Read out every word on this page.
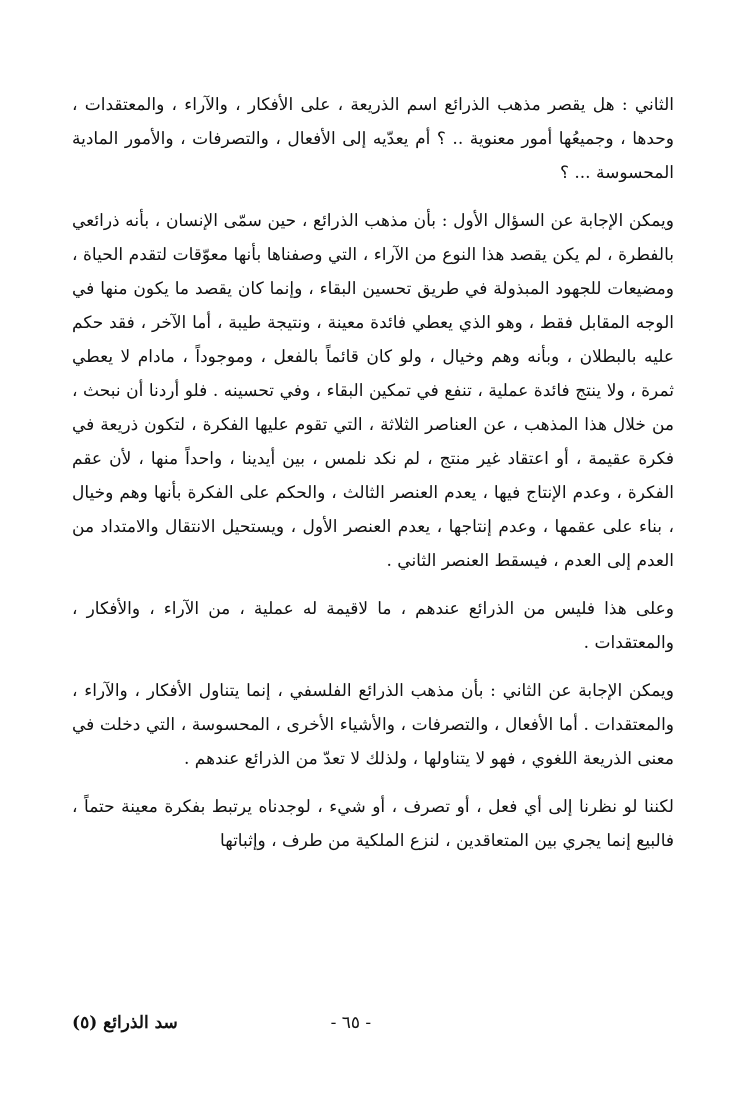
الثاني : هل يقصر مذهب الذرائع اسم الذريعة ، على الأفكار ، والآراء ، والمعتقدات ، وحدها ، وجميعُها أمور معنوية .. ؟ أم يعدّيه إلى الأفعال ، والتصرفات ، والأمور المادية المحسوسة ... ؟

ويمكن الإجابة عن السؤال الأول : بأن مذهب الذرائع ، حين سمّى الإنسان ، بأنه ذرائعي بالفطرة ، لم يكن يقصد هذا النوع من الآراء ، التي وصفناها بأنها معوّقات لتقدم الحياة ، ومضيعات للجهود المبذولة في طريق تحسين البقاء ، وإنما كان يقصد ما يكون منها في الوجه المقابل فقط ، وهو الذي يعطي فائدة معينة ، ونتيجة طيبة ، أما الآخر ، فقد حكم عليه بالبطلان ، وبأنه وهم وخيال ، ولو كان قائماً بالفعل ، وموجوداً ، مادام لا يعطي ثمرة ، ولا ينتج فائدة عملية ، تنفع في تمكين البقاء ، وفي تحسينه . فلو أردنا أن نبحث ، من خلال هذا المذهب ، عن العناصر الثلاثة ، التي تقوم عليها الفكرة ، لتكون ذريعة في فكرة عقيمة ، أو اعتقاد غير منتج ، لم نكد نلمس ، بين أيدينا ، واحداً منها ، لأن عقم الفكرة ، وعدم الإنتاج فيها ، يعدم العنصر الثالث ، والحكم على الفكرة بأنها وهم وخيال ، بناء على عقمها ، وعدم إنتاجها ، يعدم العنصر الأول ، ويستحيل الانتقال والامتداد من العدم إلى العدم ، فيسقط العنصر الثاني .

وعلى هذا فليس من الذرائع عندهم ، ما لاقيمة له عملية ، من الآراء ، والأفكار ، والمعتقدات .

ويمكن الإجابة عن الثاني : بأن مذهب الذرائع الفلسفي ، إنما يتناول الأفكار ، والآراء ، والمعتقدات . أما الأفعال ، والتصرفات ، والأشياء الأخرى ، المحسوسة ، التي دخلت في معنى الذريعة اللغوي ، فهو لا يتناولها ، ولذلك لا تعدّ من الذرائع عندهم .

لكننا لو نظرنا إلى أي فعل ، أو تصرف ، أو شيء ، لوجدناه يرتبط بفكرة معينة حتماً ، فالبيع إنما يجري بين المتعاقدين ، لنزع الملكية من طرف ، وإثباتها

- ٦٥ -
سد الذرائع (٥)
